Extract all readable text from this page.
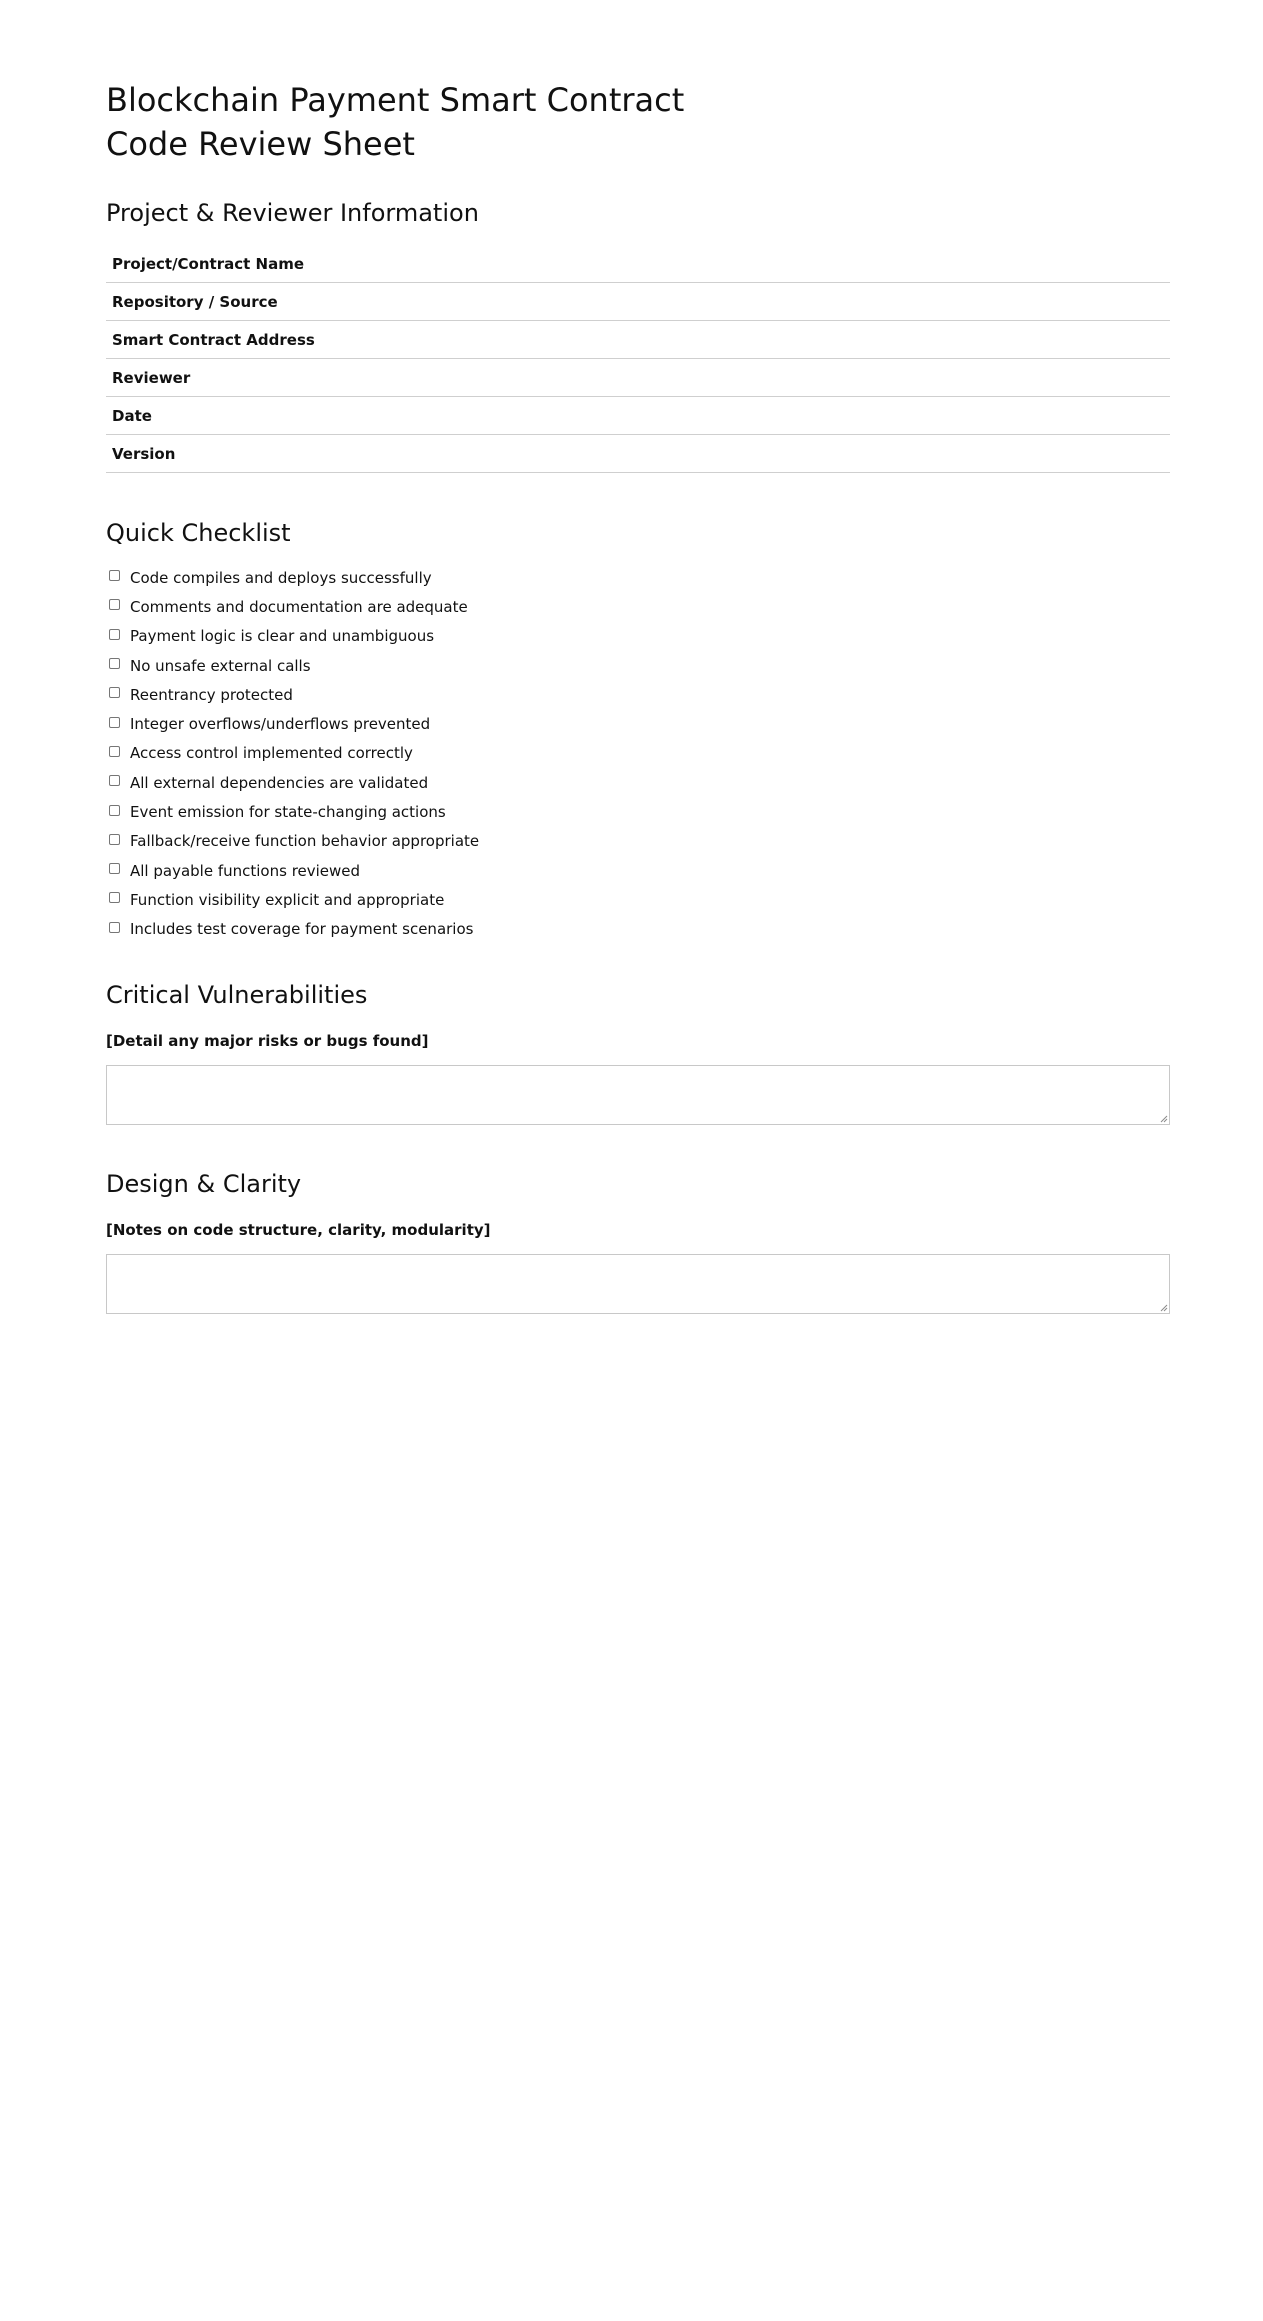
Blockchain Payment Smart Contract
Code Review Sheet
Project & Reviewer Information
Project/Contract Name
Repository / Source
Smart Contract Address
Reviewer
Date
Version
Quick Checklist
Code compiles and deploys successfully
Comments and documentation are adequate
Payment logic is clear and unambiguous
No unsafe external calls
Reentrancy protected
Integer overflows/underflows prevented
Access control implemented correctly
All external dependencies are validated
Event emission for state-changing actions
Fallback/receive function behavior appropriate
All payable functions reviewed
Function visibility explicit and appropriate
Includes test coverage for payment scenarios
Critical Vulnerabilities

[Detail any major risks or bugs found]

Design & Clarity

[Notes on code structure, clarity, modularity]
